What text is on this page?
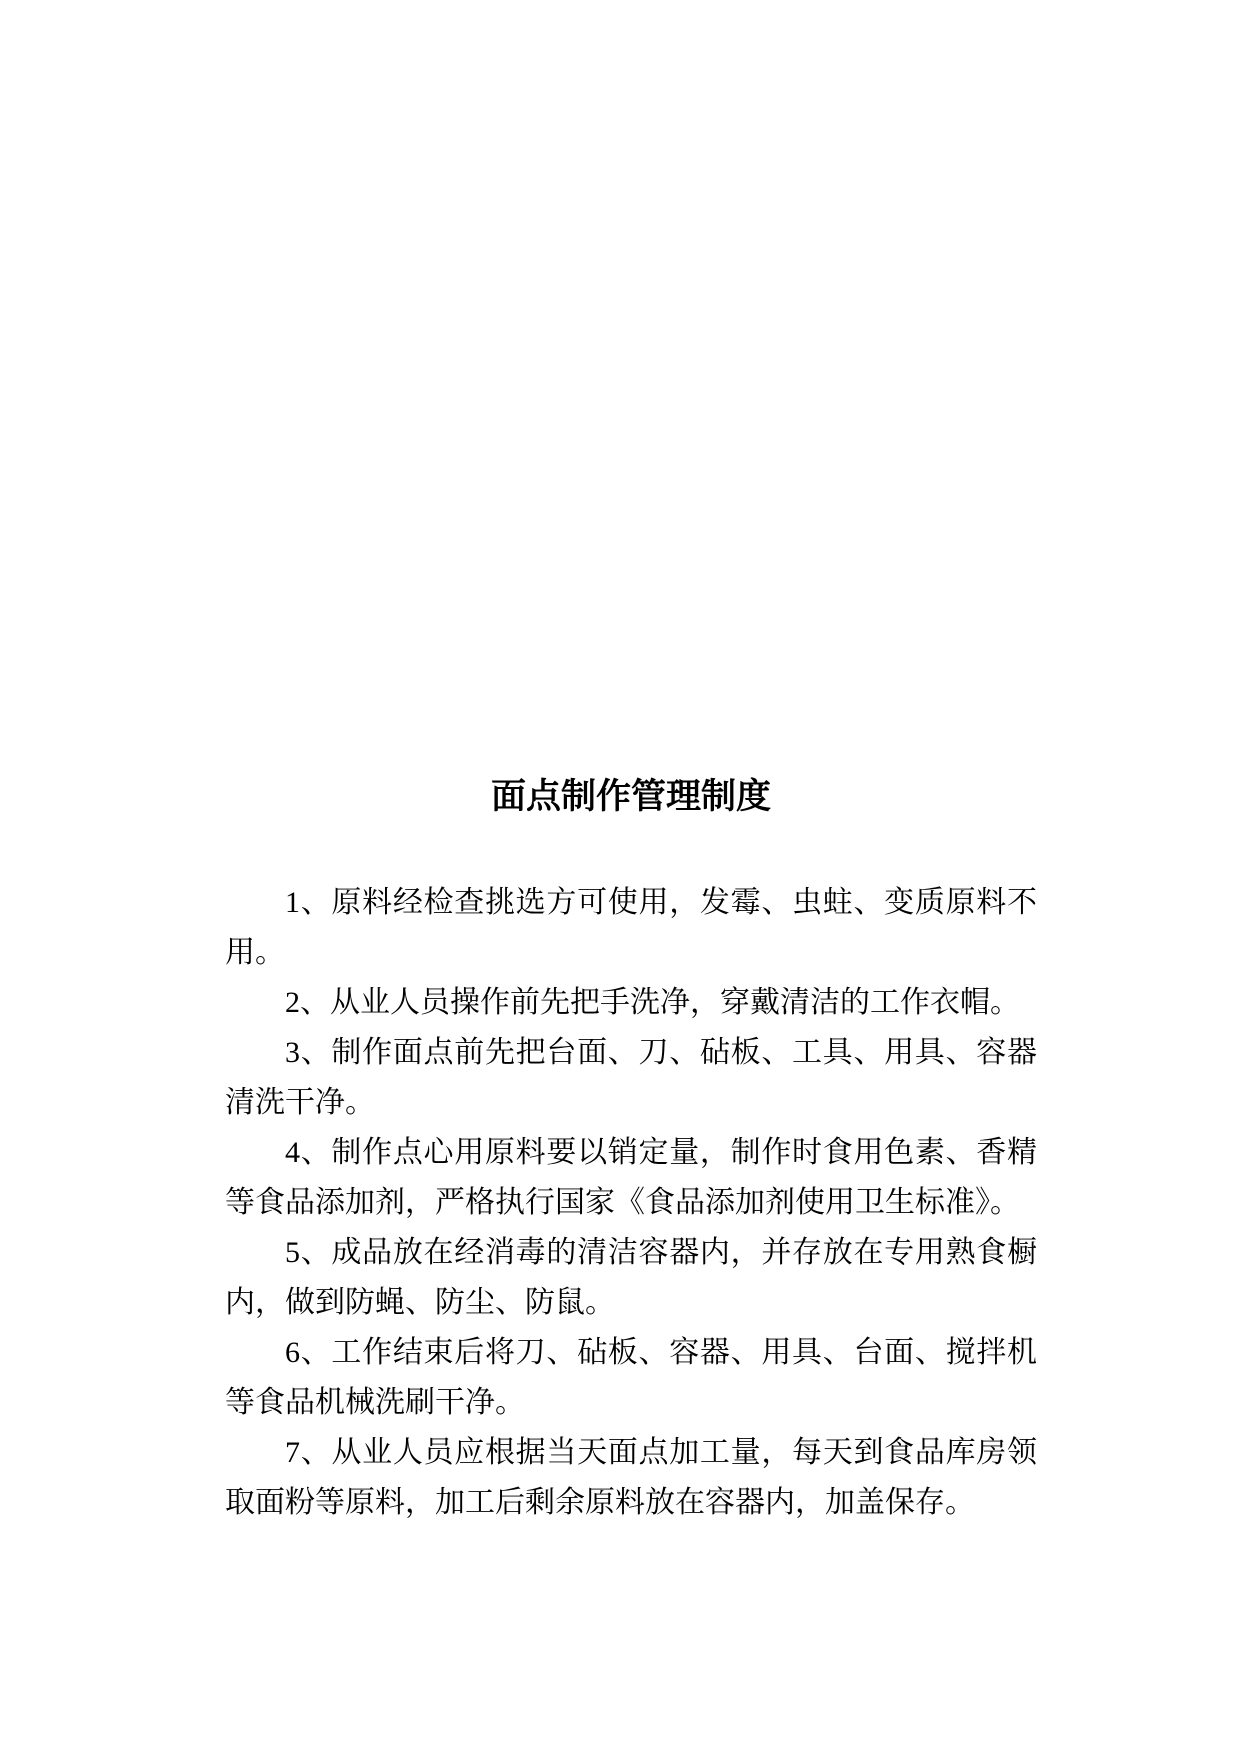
面点制作管理制度

1、原料经检查挑选方可使用，发霉、虫蛀、变质原料不用。

2、从业人员操作前先把手洗净，穿戴清洁的工作衣帽。

3、制作面点前先把台面、刀、砧板、工具、用具、容器清洗干净。

4、制作点心用原料要以销定量，制作时食用色素、香精等食品添加剂，严格执行国家《食品添加剂使用卫生标准》。

5、成品放在经消毒的清洁容器内，并存放在专用熟食橱内，做到防蝇、防尘、防鼠。

6、工作结束后将刀、砧板、容器、用具、台面、搅拌机等食品机械洗刷干净。

7、从业人员应根据当天面点加工量，每天到食品库房领取面粉等原料，加工后剩余原料放在容器内，加盖保存。
